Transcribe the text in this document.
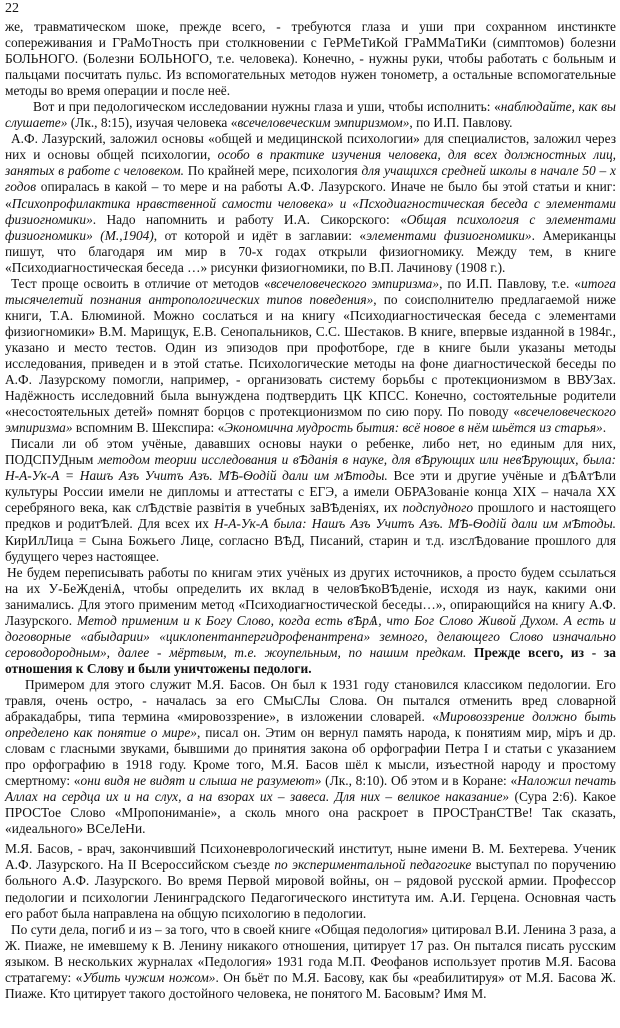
22

же, травматическом шоке, прежде всего, - требуются глаза и уши при сохранном инстинкте сопереживания и ГРаМоТность при столкновении с ГеРМеТиКой ГРаММаТиКи (симптомов) болезни БОЛЬНОГО. (Болезни БОЛЬНОГО, т.е. человека). Конечно, - нужны руки, чтобы работать с больным и пальцами посчитать пульс. Из вспомогательных методов нужен тонометр, а остальные вспомогательные методы во время операции и после неё.

Вот и при педологическом исследовании нужны глаза и уши, чтобы исполнить: «наблюдайте, как вы слушаете» (Лк., 8:15), изучая человека «всечеловеческим эмпиризмом», по И.П. Павлову.

А.Ф. Лазурский, заложил основы «общей и медицинской психологии» для специалистов, заложил через них и основы общей психологии, особо в практике изучения человека, для всех должностных лиц, занятых в работе с человеком. По крайней мере, психология для учащихся средней школы в начале 50 – х годов опиралась в какой – то мере и на работы А.Ф. Лазурского. Иначе не было бы этой статьи и книг: «Психопрофилактика нравственной самости человека» и «Псходиагностическая беседа с элементами физиогномики». Надо напомнить и работу И.А. Сикорского: «Общая психология с элементами физиогномики» (М.,1904), от которой и идёт в заглавии: «элементами физиогномики». Американцы пишут, что благодаря им мир в 70-х годах открыли физиогномику. Между тем, в книге «Психодиагностическая беседа …» рисунки физиогномики, по В.П. Лачиновy (1908 г.).

Тест проще освоить в отличие от методов «всечеловеческого эмпиризма», по И.П. Павлову, т.е. «итога тысячелетий познания антропологических типов поведения», по соисполнителю предлагаемой ниже книги, Т.А. Блюминой. Можно сослаться и на книгу «Психодиагностическая беседа с элементами физиогномики» В.М. Марищук, Е.В. Сенопальников, С.С. Шестаков. В книге, впервые изданной в 1984г., указано и место тестов. Один из эпизодов при профотборе, где в книге были указаны методы исследования, приведен и в этой статье. Психологические методы на фоне диагностической беседы по А.Ф. Лазурскому помогли, например, - организовать систему борьбы с протекционизмом в ВВУЗах. Надёжность исследовний была вынуждена подтвердить ЦК КПСС. Конечно, состоятельные родители «несостоятельных детей» помнят борцов с протекционизмом по сию пору. По поводу «всечеловеческого эмпиризма» вспомним В. Шекспира: «Экономична мудрость бытия: всё новое в нём шьётся из старья».

Писали ли об этом учёные, дававших основы науки о ребенке, либо нет, но единым для них, ПОДСПУДным методом теории исследования и вѢданія в науке, для вѢрующих или невѢрующих, была: Н-А-Ук-А = Нашъ Азъ Учитъ Азъ. МѢ-Ѳодій дали им мѢтоды. Все эти и другие учёные и дѢѦтѢли культуры России имели не дипломы и аттестаты с ЕГЭ, а имели ОБРАЗованіе конца ХIХ – начала ХХ серебряного века, как слѢдствіе развітія в учебных заВѢденіях, их подспудного прошлого и настоящего предков и родитѢлей. Для всех их Н-А-Ук-А была: Нашъ Азъ Учитъ Азъ. МѢ-Ѳодій дали им мѢтоды. КирИлЛица = Сына Божьего Лице, согласно ВѢД, Писаний, старин и т.д. изслѢдование прошлого для будущего через настоящее.

Не будем переписывать работы по книгам этих учёных из других источников, а просто будем ссылаться на их У-БеЖденіѦ, чтобы определить их вклад в человѢкоВѢденіе, исходя из наук, какими они занимались. Для этого применим метод «Психодиагностической беседы…», опирающийся на книгу А.Ф. Лазурского. Метод применим и к Богу Слово, когда есть вѢрѦ, что Бог Слово Живой Духом. А есть и договорные «абыдарии» «циклопентанпергидрофенантрена» земного, делающего Слово изначально сероводородным», далее - мёртвым, т.е. жоупельным, по нашим предкам. Прежде всего, из - за отношения к Слову и были уничтожены педологи.

Примером для этого служит М.Я. Басов. Он был к 1931 году становился классиком педологии. Его травля, очень остро, - началась за его СМыСЛы Слова. Он пытался отменить вред словарной абракадабры, типа термина «мировоззрение», в изложении словарей. «Мировоззрение должно быть определено как понятие о мире», писал он. Этим он вернул память народа, к понятиям мир, мiръ и др. словам с гласными звуками, бывшими до принятия закона об орфографии Петра I и статьи с указанием про орфографию в 1918 году. Кроме того, М.Я. Басов шёл к мысли, изъестной народу и простому смертному: «они видя не видят и слыша не разумеют» (Лк., 8:10). Об этом и в Коране: «Наложил печать Аллах на сердца их и на слух, а на взорах их – завеса. Для них – великое наказание» (Сура 2:6). Какое ПРОСТое Слово «МІропониманіе», а сколь много она раскроет в ПРОСТранСТВе! Так сказать, «идеального» ВСеЛеНи.

М.Я. Басов, - врач, закончивший Психоневрологический институт, ныне имени В. М. Бехтерева. Ученик А.Ф. Лазурского. На II Всероссийском съезде по экспериментальной педагогике выступал по поручению больного А.Ф. Лазурского. Во время Первой мировой войны, он – рядовой русской армии. Профессор педологии и психологии Ленинградского Педагогического института им. А.И. Герцена. Основная часть его работ была направлена на общую психологию в педологии.

По сути дела, погиб и из – за того, что в своей книге «Общая педология» цитировал В.И. Ленина 3 раза, а Ж. Пиаже, не имевшему к В. Ленину никакого отношения, цитирует 17 раз. Он пытался писать русским языком. В нескольких журналах «Педология» 1931 года М.П. Феофанов использует против М.Я. Басова стратагему: «Убить чужим ножом». Он бьёт по М.Я. Басову, как бы «реабилитируя» от М.Я. Басова Ж. Пиаже. Кто цитирует такого достойного человека, не понятого М. Басовым? Имя М.
